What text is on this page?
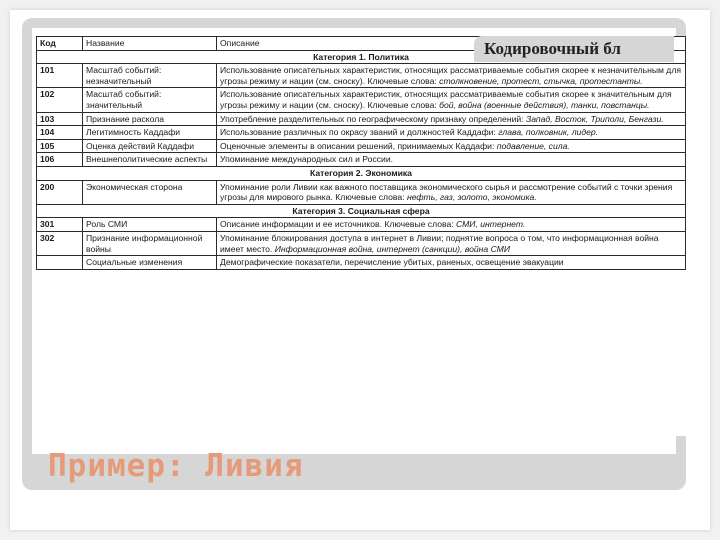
Код	Название	Описание
Категория 1. Политика		
101	Масштаб событий: незначительный	Использование описательных характеристик, относящих рассматриваемые события скорее к незначительным для угрозы режиму и нации (см. сноску). Ключевые слова: столкновение, протест, стычка, протестанты.
102	Масштаб событий: значительный	Использование описательных характеристик, относящих рассматриваемые события скорее к значительным для угрозы режиму и нации (см. сноску). Ключевые слова: бой, война (военные действия), танки, повстанцы.
103	Признание раскола	Употребление разделительных по географическому признаку определений: Запад, Восток, Триполи, Бенгази.
104	Легитимность Каддафи	Использование различных по окрасу званий и должностей Каддафи: глава, полковник, лидер.
105	Оценка действий Каддафи	Оценочные элементы в описании решений, принимаемых Каддафи: подавление, сила.
106	Внешнеполитические аспекты	Упоминание международных сил и России.
Категория 2. Экономика		
200	Экономическая сторона	Упоминание роли Ливии как важного поставщика экономического сырья и рассмотрение событий с точки зрения угрозы для мирового рынка. Ключевые слова: нефть, газ, золото, экономика.
Категория 3. Социальная сфера		
301	Роль СМИ	Описание информации и ее источников. Ключевые слова: СМИ, интернет.
302	Признание информационной войны	Упоминание блокирования доступа в интернет в Ливии; поднятие вопроса о том, что информационная война имеет место. Информационная война, интернет (санкции), война СМИ
	Социальные изменения	Демографические показатели, перечисление убитых, раненых, освещение эвакуации
Кодировочный бл
Пример: Ливия
